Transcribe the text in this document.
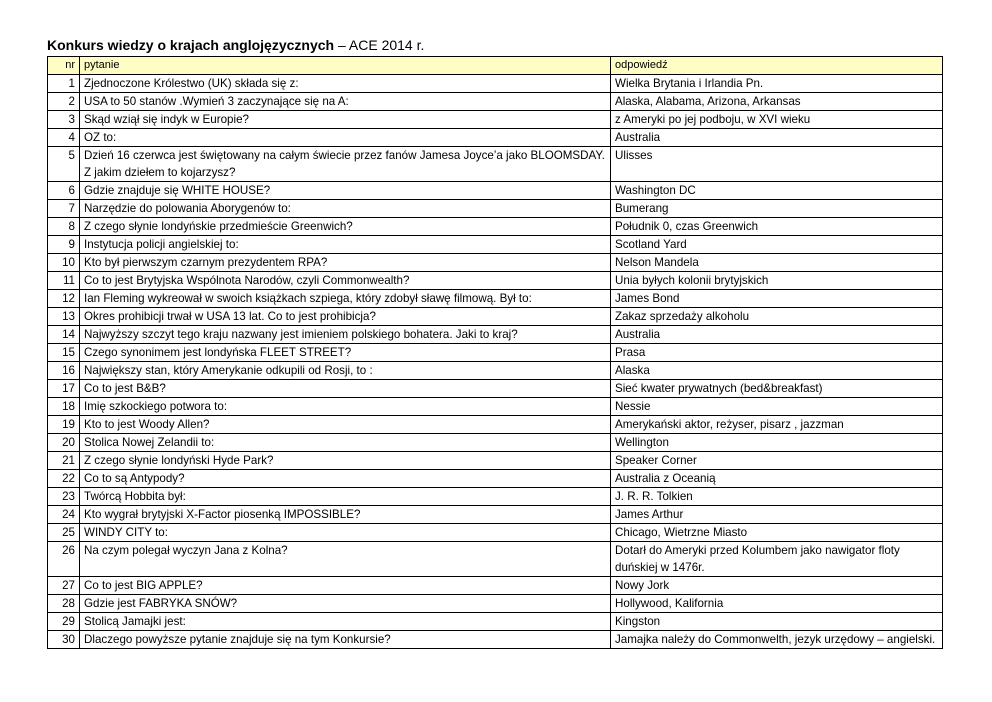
Konkurs wiedzy o krajach anglojęzycznych – ACE 2014 r.
nr	pytanie	odpowiedź
1	Zjednoczone Królestwo (UK) składa się z:	Wielka Brytania i Irlandia Pn.
2	USA to 50 stanów .Wymień 3 zaczynające się na A:	Alaska, Alabama, Arizona, Arkansas
3	Skąd wziął się indyk w Europie?	z Ameryki po jej podboju, w XVI wieku
4	OZ to:	Australia
5	Dzień 16 czerwca jest świętowany na całym świecie przez fanów Jamesa Joyce’a jako BLOOMSDAY. Z jakim dziełem to kojarzysz?	Ulisses
6	Gdzie znajduje się WHITE HOUSE?	Washington DC
7	Narzędzie do polowania Aborygenów to:	Bumerang
8	Z czego słynie londyńskie przedmieście Greenwich?	Południk 0, czas Greenwich
9	Instytucja policji angielskiej to:	Scotland Yard
10	Kto był pierwszym czarnym prezydentem RPA?	Nelson Mandela
11	Co to jest Brytyjska Wspólnota Narodów, czyli Commonwealth?	Unia byłych kolonii brytyjskich
12	Ian Fleming wykreował w swoich książkach szpiega, który zdobył sławę filmową. Był to:	James Bond
13	Okres prohibicji trwał w USA 13 lat. Co to jest prohibicja?	Zakaz sprzedaży alkoholu
14	Najwyższy szczyt tego kraju nazwany jest imieniem polskiego bohatera. Jaki to kraj?	Australia
15	Czego synonimem jest londyńska FLEET STREET?	Prasa
16	Największy stan, który Amerykanie odkupili od Rosji, to :	Alaska
17	Co to jest B&B?	Sieć kwater prywatnych (bed&breakfast)
18	Imię szkockiego potwora to:	Nessie
19	Kto to jest Woody Allen?	Amerykański aktor, reżyser, pisarz , jazzman
20	Stolica Nowej Zelandii to:	Wellington
21	Z czego słynie londyński Hyde Park?	Speaker Corner
22	Co to są Antypody?	Australia z Oceanią
23	Twórcą Hobbita był:	J. R. R. Tolkien
24	Kto wygrał brytyjski X-Factor piosenką IMPOSSIBLE?	James Arthur
25	WINDY CITY to:	Chicago, Wietrzne Miasto
26	Na czym polegał wyczyn Jana z Kolna?	Dotarł do Ameryki przed Kolumbem jako nawigator floty duńskiej w 1476r.
27	Co to jest BIG APPLE?	Nowy Jork
28	Gdzie jest FABRYKA SNÓW?	Hollywood, Kalifornia
29	Stolicą Jamajki jest:	Kingston
30	Dlaczego powyższe pytanie znajduje się na tym Konkursie?	Jamajka należy do Commonwelth, jezyk urzędowy – angielski.
